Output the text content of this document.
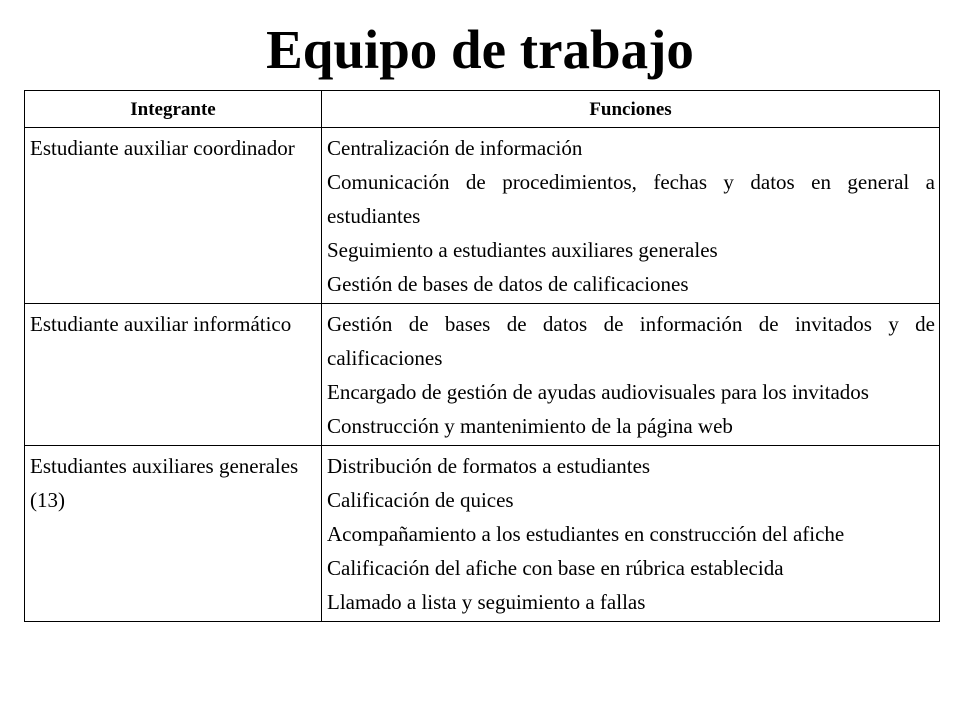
Equipo de trabajo
Integrante	Funciones
Estudiante auxiliar coordinador	Centralización de información
Comunicación de procedimientos, fechas y datos en general a estudiantes
Seguimiento a estudiantes auxiliares generales
Gestión de bases de datos de calificaciones

Estudiante auxiliar informático	Gestión de bases de datos de información de invitados y de calificaciones
Encargado de gestión de ayudas audiovisuales para los invitados
Construcción y mantenimiento de la página web

Estudiantes auxiliares generales (13)	Distribución de formatos a estudiantes
Calificación de quices
Acompañamiento a los estudiantes en construcción del afiche
Calificación del afiche con base en rúbrica establecida
Llamado a lista y seguimiento a fallas
